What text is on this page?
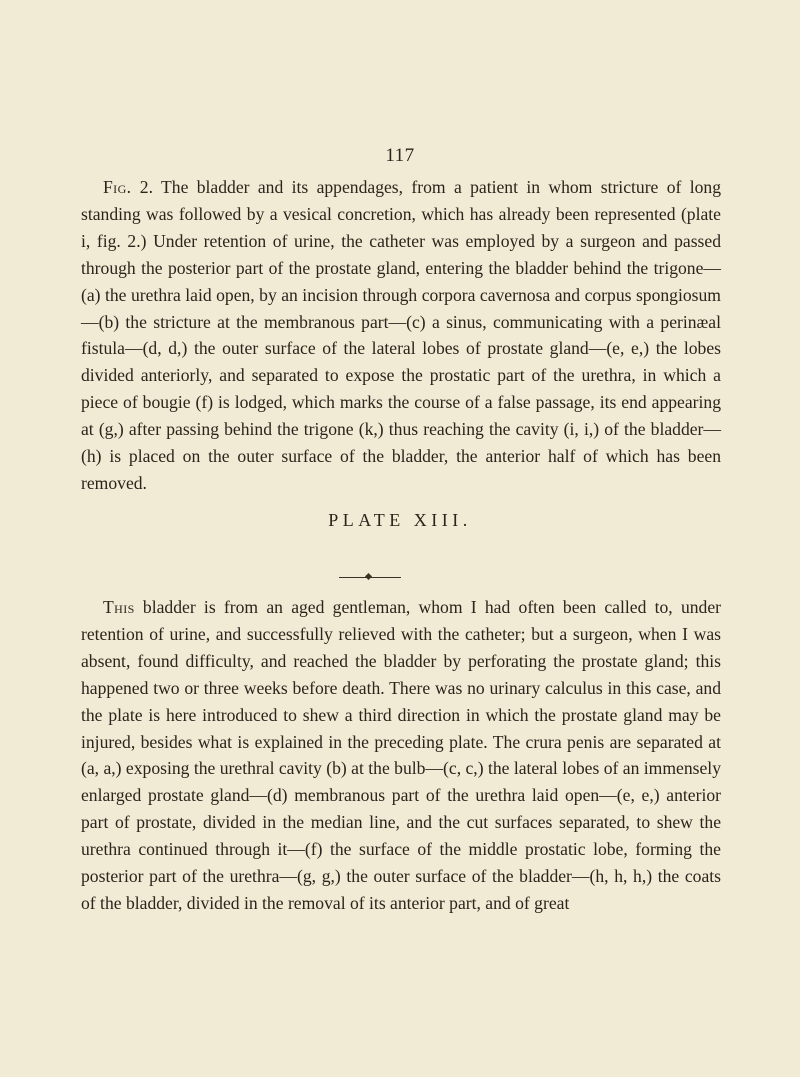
117

Fig. 2. The bladder and its appendages, from a patient in whom stricture of long standing was followed by a vesical concretion, which has already been represented (plate i, fig. 2.) Under retention of urine, the catheter was employed by a surgeon and passed through the posterior part of the prostate gland, entering the bladder behind the trigone—(a) the urethra laid open, by an incision through corpora cavernosa and corpus spongiosum—(b) the stricture at the membranous part—(c) a sinus, communicating with a perinæal fistula—(d, d,) the outer surface of the lateral lobes of prostate gland—(e, e,) the lobes divided anteriorly, and separated to expose the prostatic part of the urethra, in which a piece of bougie (f) is lodged, which marks the course of a false passage, its end appearing at (g,) after passing behind the trigone (k,) thus reaching the cavity (i, i,) of the bladder—(h) is placed on the outer surface of the bladder, the anterior half of which has been removed.

PLATE XIII.

This bladder is from an aged gentleman, whom I had often been called to, under retention of urine, and successfully relieved with the catheter; but a surgeon, when I was absent, found difficulty, and reached the bladder by perforating the prostate gland; this happened two or three weeks before death. There was no urinary calculus in this case, and the plate is here introduced to shew a third direction in which the prostate gland may be injured, besides what is explained in the preceding plate. The crura penis are separated at (a, a,) exposing the urethral cavity (b) at the bulb—(c, c,) the lateral lobes of an immensely enlarged prostate gland—(d) membranous part of the urethra laid open—(e, e,) anterior part of prostate, divided in the median line, and the cut surfaces separated, to shew the urethra continued through it—(f) the surface of the middle prostatic lobe, forming the posterior part of the urethra—(g, g,) the outer surface of the bladder—(h, h, h,) the coats of the bladder, divided in the removal of its anterior part, and of great
